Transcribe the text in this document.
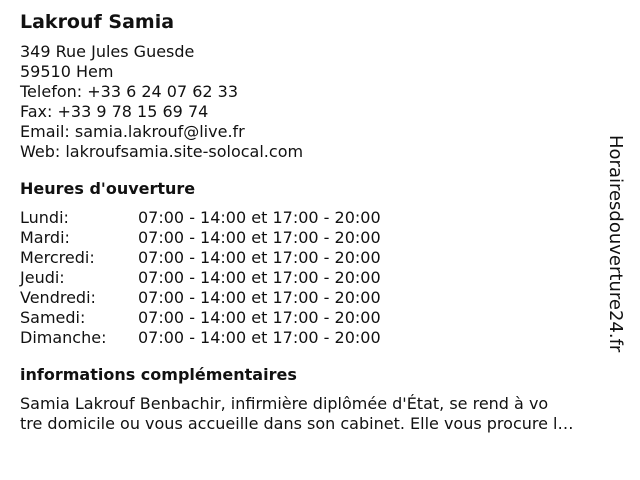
Lakrouf Samia
349 Rue Jules Guesde
59510 Hem
Telefon: +33 6 24 07 62 33
Fax: +33 9 78 15 69 74
Email: samia.lakrouf@live.fr
Web: lakroufsamia.site-solocal.com
Heures d'ouverture
Lundi:	07:00 - 14:00 et 17:00 - 20:00
Mardi:	07:00 - 14:00 et 17:00 - 20:00
Mercredi:	07:00 - 14:00 et 17:00 - 20:00
Jeudi:	07:00 - 14:00 et 17:00 - 20:00
Vendredi:	07:00 - 14:00 et 17:00 - 20:00
Samedi:	07:00 - 14:00 et 17:00 - 20:00
Dimanche:	07:00 - 14:00 et 17:00 - 20:00
informations complémentaires
Samia Lakrouf Benbachir, infirmière diplômée d'État, se rend à vo
tre domicile ou vous accueille dans son cabinet. Elle vous procure l…
Horairesdouverture24.fr
